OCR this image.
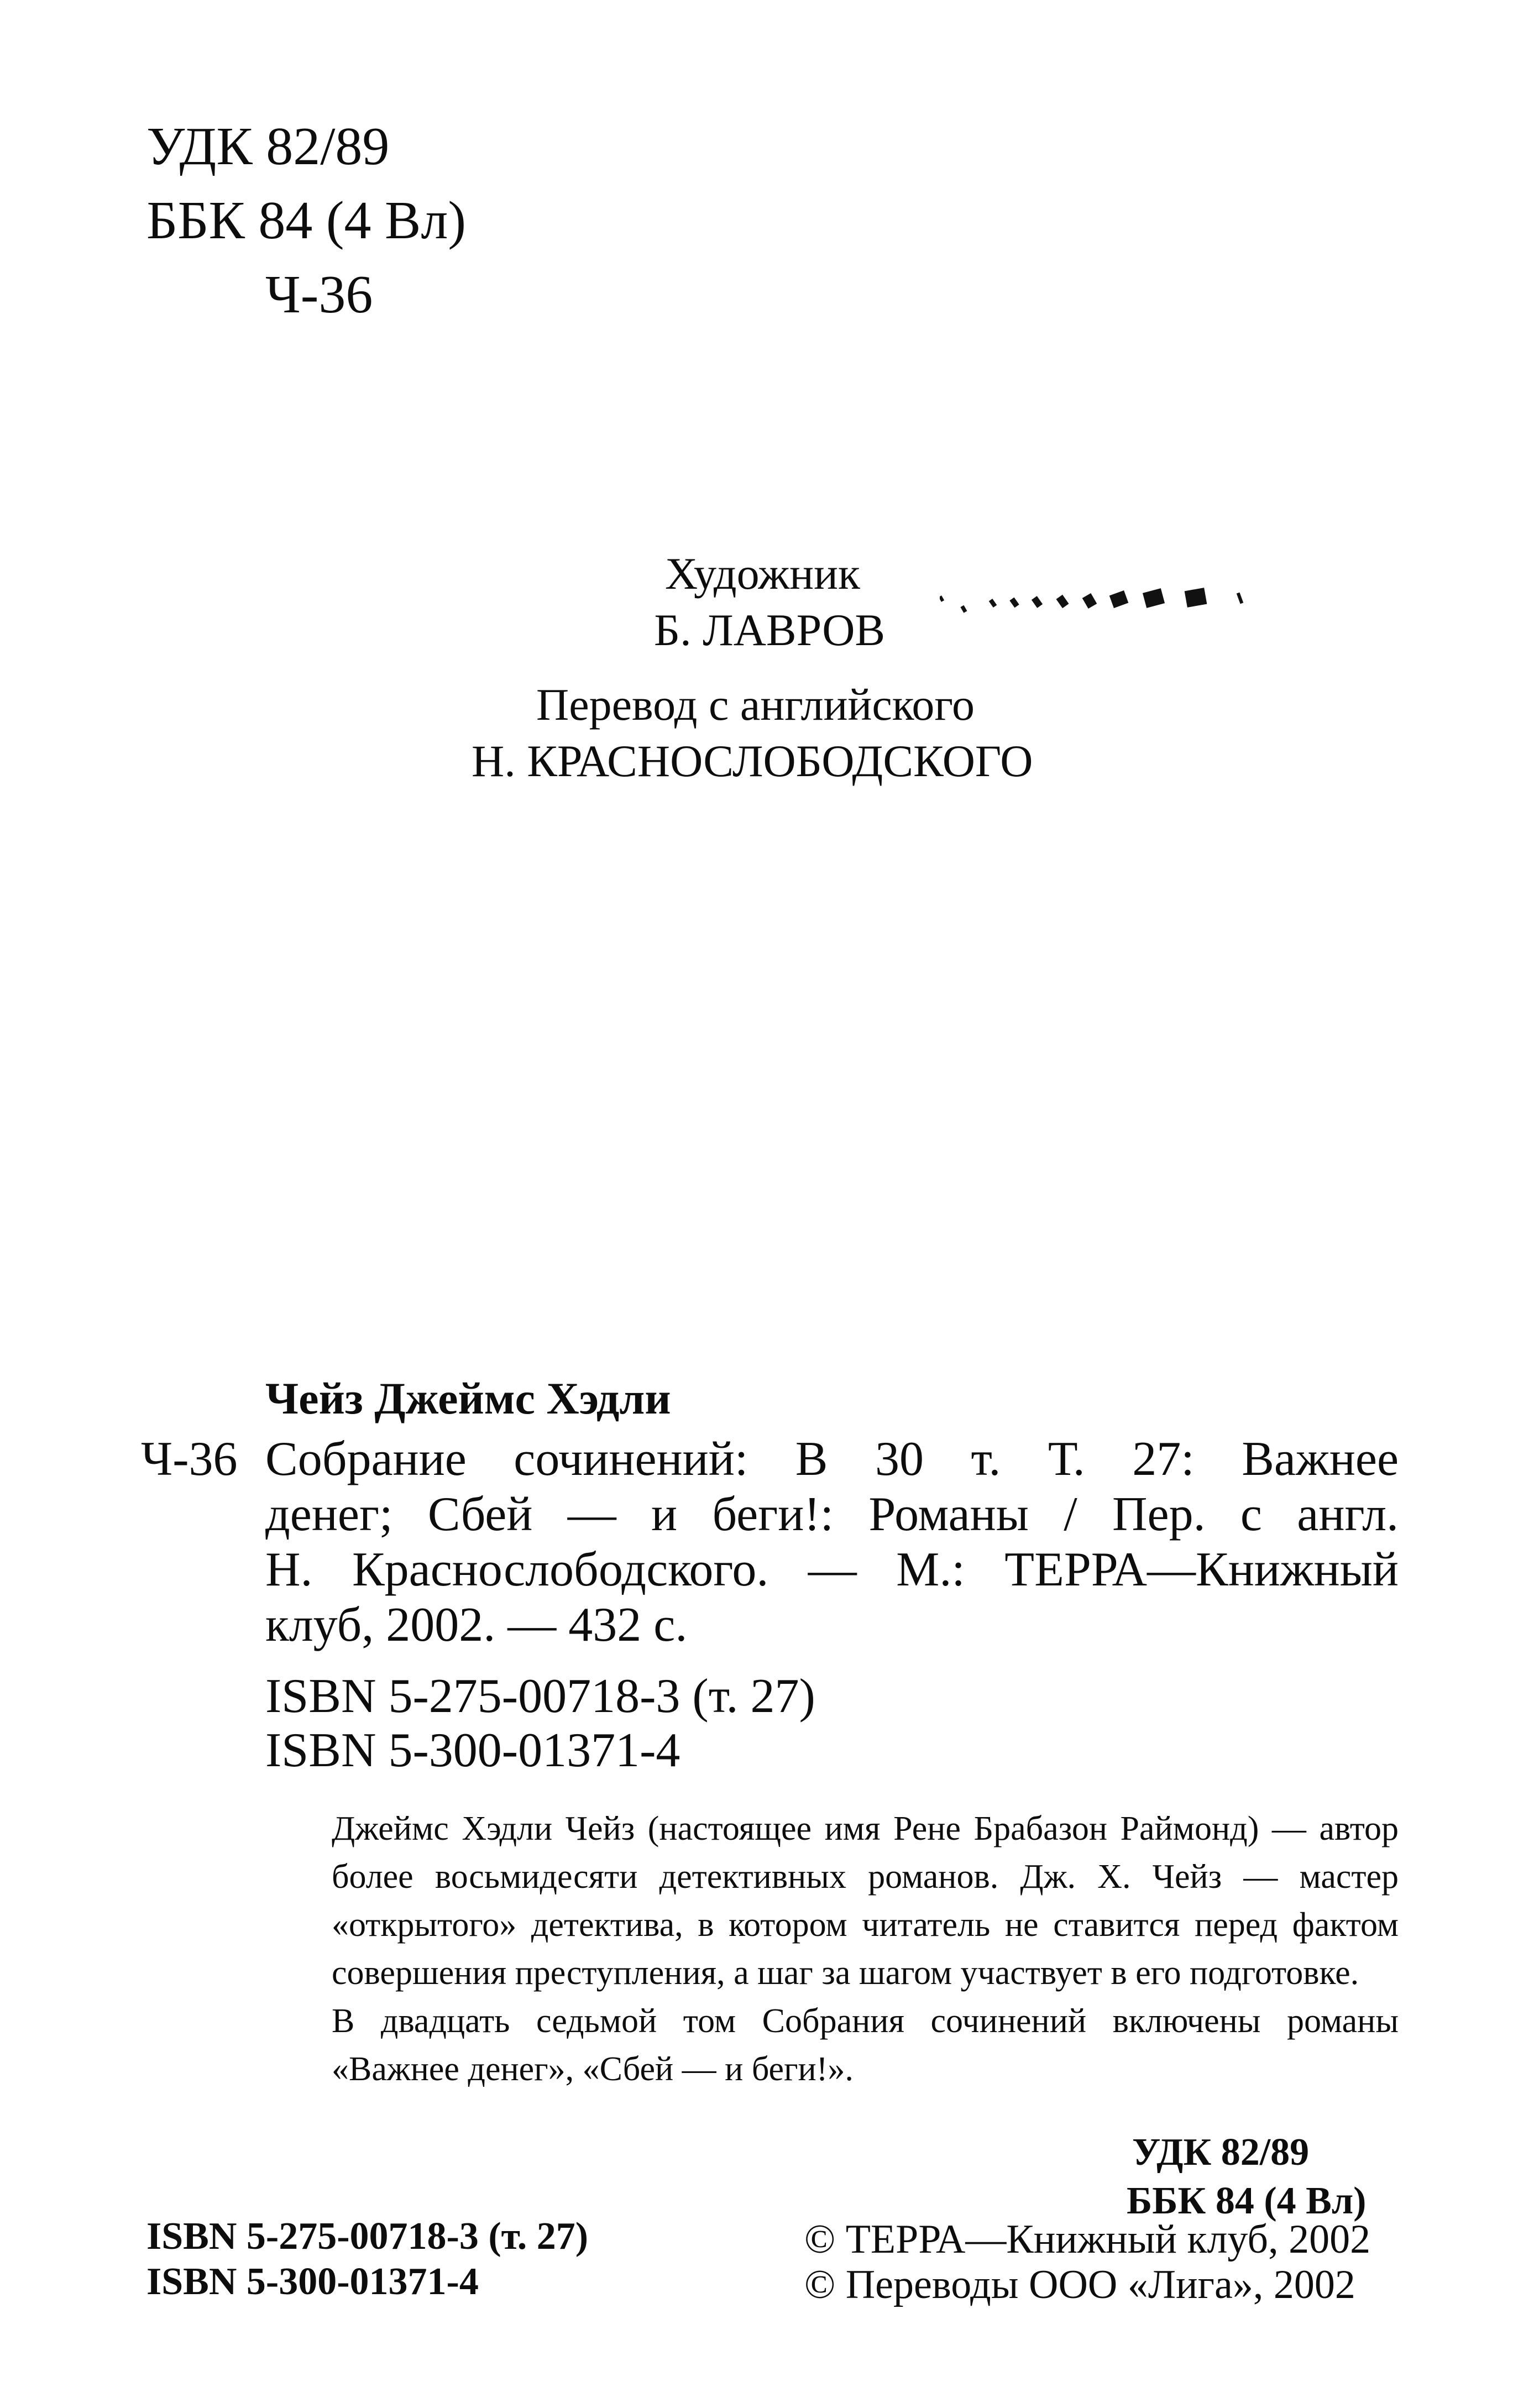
УДК 82/89
ББК 84 (4 Вл)
Ч-36
Художник
Б. ЛАВРОВ
Перевод с английского
Н. КРАСНОСЛОБОДСКОГО
Чейз Джеймс Хэдли
Ч-36 Собрание сочинений: В 30 т. Т. 27: Важнее
денег; Сбей — и беги!: Романы / Пер. с англ.
Н. Краснослободского. — М.: ТЕРРА—Книжный
клуб, 2002. — 432 с.
ISBN 5-275-00718-3 (т. 27)
ISBN 5-300-01371-4

Джеймс Хэдли Чейз (настоящее имя Рене Брабазон Раймонд) — автор более восьмидесяти детективных романов. Дж. Х. Чейз — мастер «открытого» детектива, в котором читатель не ставится перед фактом совершения преступления, а шаг за шагом участвует в его подготовке.

В двадцать седьмой том Собрания сочинений включены романы «Важнее денег», «Сбей — и беги!».

УДК 82/89
ББК 84 (4 Вл)
ISBN 5-275-00718-3 (т. 27)
ISBN 5-300-01371-4
© ТЕРРА—Книжный клуб, 2002
© Переводы ООО «Лига», 2002
